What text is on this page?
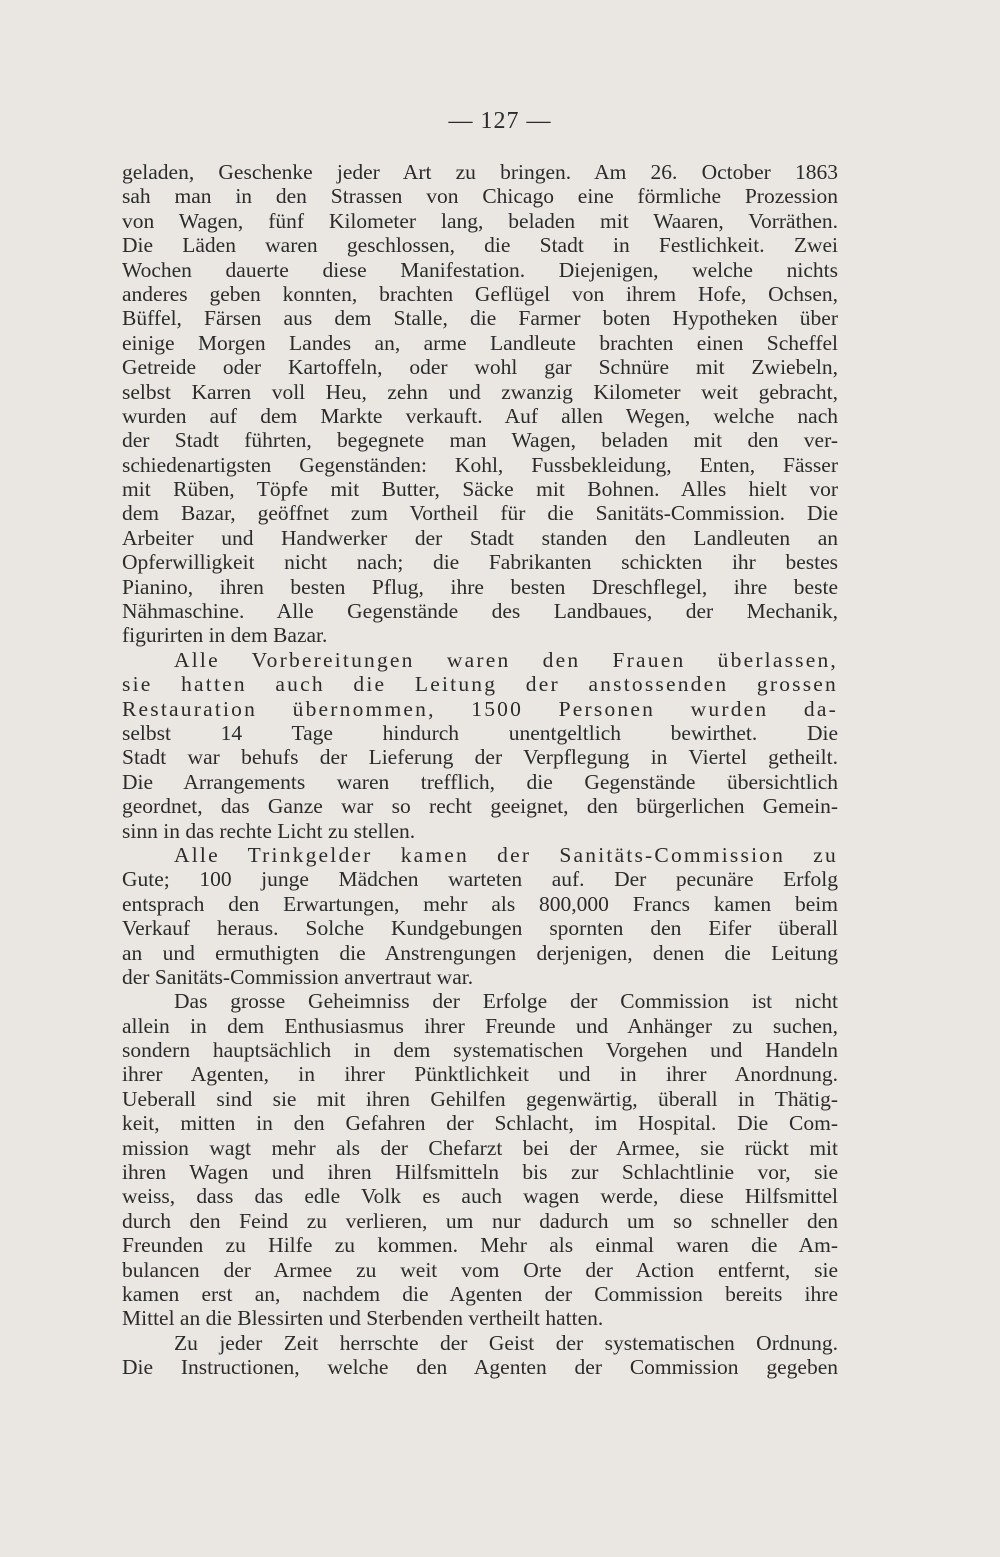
— 127 —
geladen, Geschenke jeder Art zu bringen. Am 26. October 1863
sah man in den Strassen von Chicago eine förmliche Prozession
von Wagen, fünf Kilometer lang, beladen mit Waaren, Vorräthen.
Die Läden waren geschlossen, die Stadt in Festlichkeit. Zwei
Wochen dauerte diese Manifestation. Diejenigen, welche nichts
anderes geben konnten, brachten Geflügel von ihrem Hofe, Ochsen,
Büffel, Färsen aus dem Stalle, die Farmer boten Hypotheken über
einige Morgen Landes an, arme Landleute brachten einen Scheffel
Getreide oder Kartoffeln, oder wohl gar Schnüre mit Zwiebeln,
selbst Karren voll Heu, zehn und zwanzig Kilometer weit gebracht,
wurden auf dem Markte verkauft. Auf allen Wegen, welche nach
der Stadt führten, begegnete man Wagen, beladen mit den ver-
schiedenartigsten Gegenständen: Kohl, Fussbekleidung, Enten, Fässer
mit Rüben, Töpfe mit Butter, Säcke mit Bohnen. Alles hielt vor
dem Bazar, geöffnet zum Vortheil für die Sanitäts-Commission. Die
Arbeiter und Handwerker der Stadt standen den Landleuten an
Opferwilligkeit nicht nach; die Fabrikanten schickten ihr bestes
Pianino, ihren besten Pflug, ihre besten Dreschflegel, ihre beste
Nähmaschine. Alle Gegenstände des Landbaues, der Mechanik,
figurirten in dem Bazar.
Alle Vorbereitungen waren den Frauen überlassen,
sie hatten auch die Leitung der anstossenden grossen
Restauration übernommen, 1500 Personen wurden da-
selbst 14 Tage hindurch unentgeltlich bewirthet. Die
Stadt war behufs der Lieferung der Verpflegung in Viertel getheilt.
Die Arrangements waren trefflich, die Gegenstände übersichtlich
geordnet, das Ganze war so recht geeignet, den bürgerlichen Gemein-
sinn in das rechte Licht zu stellen.
Alle Trinkgelder kamen der Sanitäts-Commission zu
Gute; 100 junge Mädchen warteten auf. Der pecunäre Erfolg
entsprach den Erwartungen, mehr als 800,000 Francs kamen beim
Verkauf heraus. Solche Kundgebungen spornten den Eifer überall
an und ermuthigten die Anstrengungen derjenigen, denen die Leitung
der Sanitäts-Commission anvertraut war.
Das grosse Geheimniss der Erfolge der Commission ist nicht
allein in dem Enthusiasmus ihrer Freunde und Anhänger zu suchen,
sondern hauptsächlich in dem systematischen Vorgehen und Handeln
ihrer Agenten, in ihrer Pünktlichkeit und in ihrer Anordnung.
Ueberall sind sie mit ihren Gehilfen gegenwärtig, überall in Thätig-
keit, mitten in den Gefahren der Schlacht, im Hospital. Die Com-
mission wagt mehr als der Chefarzt bei der Armee, sie rückt mit
ihren Wagen und ihren Hilfsmitteln bis zur Schlachtlinie vor, sie
weiss, dass das edle Volk es auch wagen werde, diese Hilfsmittel
durch den Feind zu verlieren, um nur dadurch um so schneller den
Freunden zu Hilfe zu kommen. Mehr als einmal waren die Am-
bulancen der Armee zu weit vom Orte der Action entfernt, sie
kamen erst an, nachdem die Agenten der Commission bereits ihre
Mittel an die Blessirten und Sterbenden vertheilt hatten.
Zu jeder Zeit herrschte der Geist der systematischen Ordnung.
Die Instructionen, welche den Agenten der Commission gegeben
